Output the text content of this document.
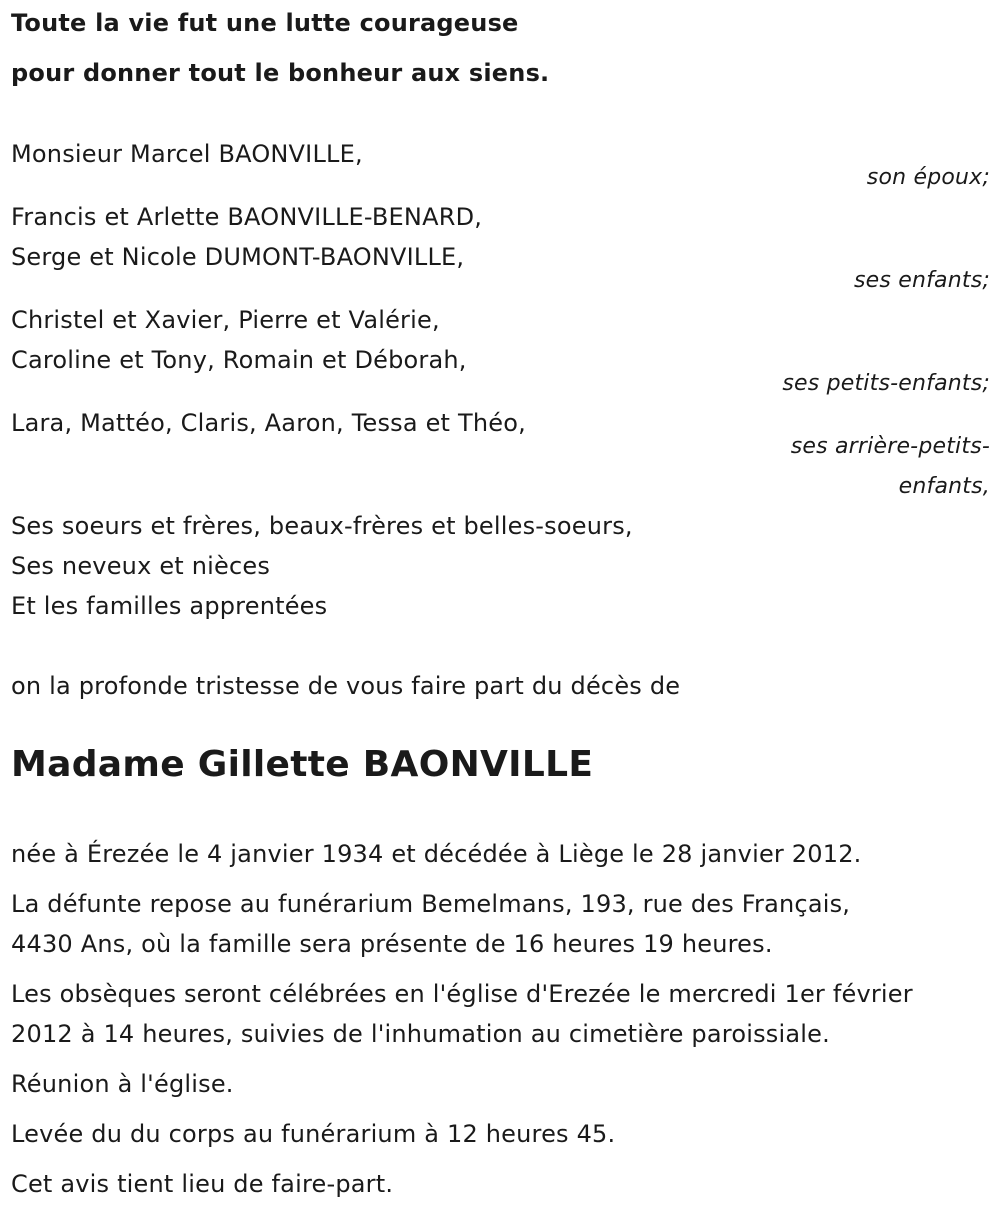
Toute la vie fut une lutte courageuse
pour donner tout le bonheur aux siens.
Monsieur Marcel BAONVILLE,
son époux;
Francis et Arlette BAONVILLE-BENARD,
Serge et Nicole DUMONT-BAONVILLE,
ses enfants;
Christel et Xavier, Pierre et Valérie,
Caroline et Tony, Romain et Déborah,
ses petits-enfants;
Lara, Mattéo, Claris, Aaron, Tessa et Théo,
ses arrière-petits-
enfants,
Ses soeurs et frères, beaux-frères et belles-soeurs,
Ses neveux et nièces
Et les familles apprentées
on la profonde tristesse de vous faire part du décès de
Madame Gillette BAONVILLE
née à Érezée le 4 janvier 1934 et décédée à Liège le 28 janvier 2012.
La défunte repose au funérarium Bemelmans, 193, rue des Français,
4430 Ans, où la famille sera présente de 16 heures 19 heures.
Les obsèques seront célébrées en l'église d'Erezée le mercredi 1er février
2012 à 14 heures, suivies de l'inhumation au cimetière paroissiale.
Réunion à l'église.
Levée du du corps au funérarium à 12 heures 45.
Cet avis tient lieu de faire-part.
